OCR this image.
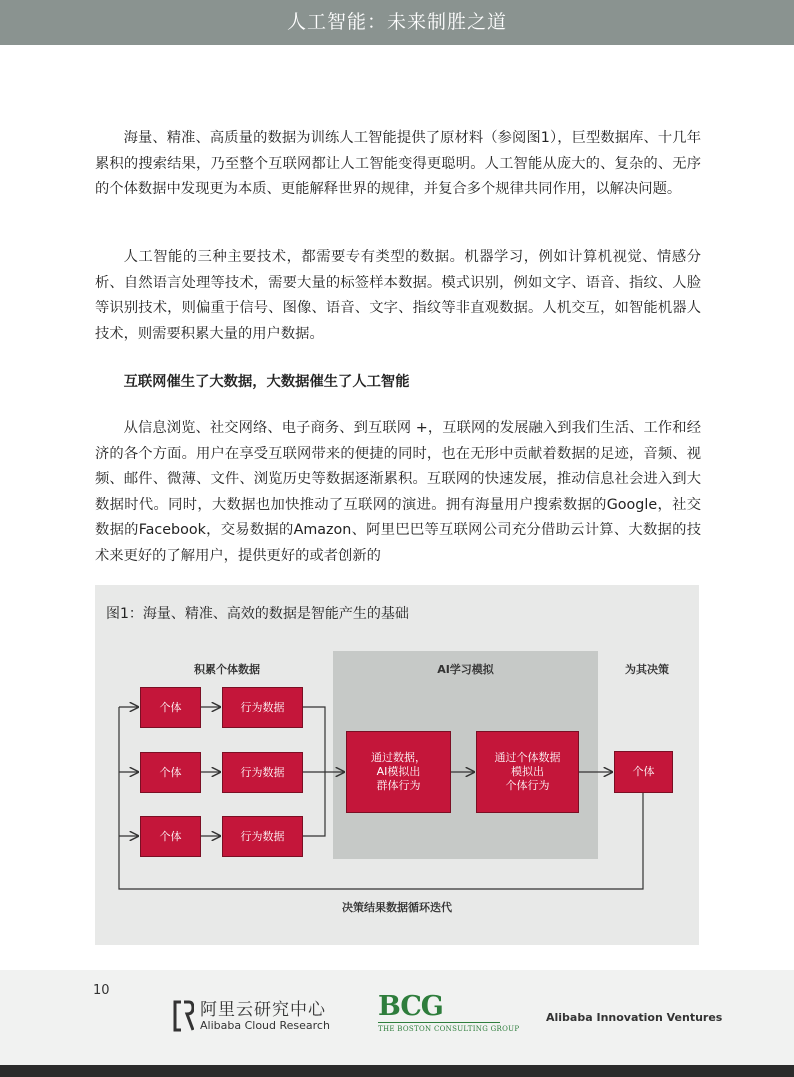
人工智能：未来制胜之道

海量、精准、高质量的数据为训练人工智能提供了原材料（参阅图1），巨型数据库、十几年累积的搜索结果，乃至整个互联网都让人工智能变得更聪明。人工智能从庞大的、复杂的、无序的个体数据中发现更为本质、更能解释世界的规律，并复合多个规律共同作用，以解决问题。

人工智能的三种主要技术，都需要专有类型的数据。机器学习，例如计算机视觉、情感分析、自然语言处理等技术，需要大量的标签样本数据。模式识别，例如文字、语音、指纹、人脸等识别技术，则偏重于信号、图像、语音、文字、指纹等非直观数据。人机交互，如智能机器人技术，则需要积累大量的用户数据。

互联网催生了大数据，大数据催生了人工智能

从信息浏览、社交网络、电子商务、到互联网 +，互联网的发展融入到我们生活、工作和经济的各个方面。用户在享受互联网带来的便捷的同时，也在无形中贡献着数据的足迹，音频、视频、邮件、微薄、文件、浏览历史等数据逐渐累积。互联网的快速发展，推动信息社会进入到大数据时代。同时，大数据也加快推动了互联网的演进。拥有海量用户搜索数据的Google，社交数据的Facebook，交易数据的Amazon、阿里巴巴等互联网公司充分借助云计算、大数据的技术来更好的了解用户，提供更好的或者创新的

图1：海量、精准、高效的数据是智能产生的基础
积累个体数据	AI学习模拟	为其决策
个体
个体
个体
行为数据
行为数据
行为数据
通过数据，
AI模拟出
群体行为
通过个体数据
模拟出
个体行为
个体
决策结果数据循环迭代
10
阿里云研究中心
Alibaba Cloud Research
BCG
THE BOSTON CONSULTING GROUP
Alibaba Innovation Ventures
